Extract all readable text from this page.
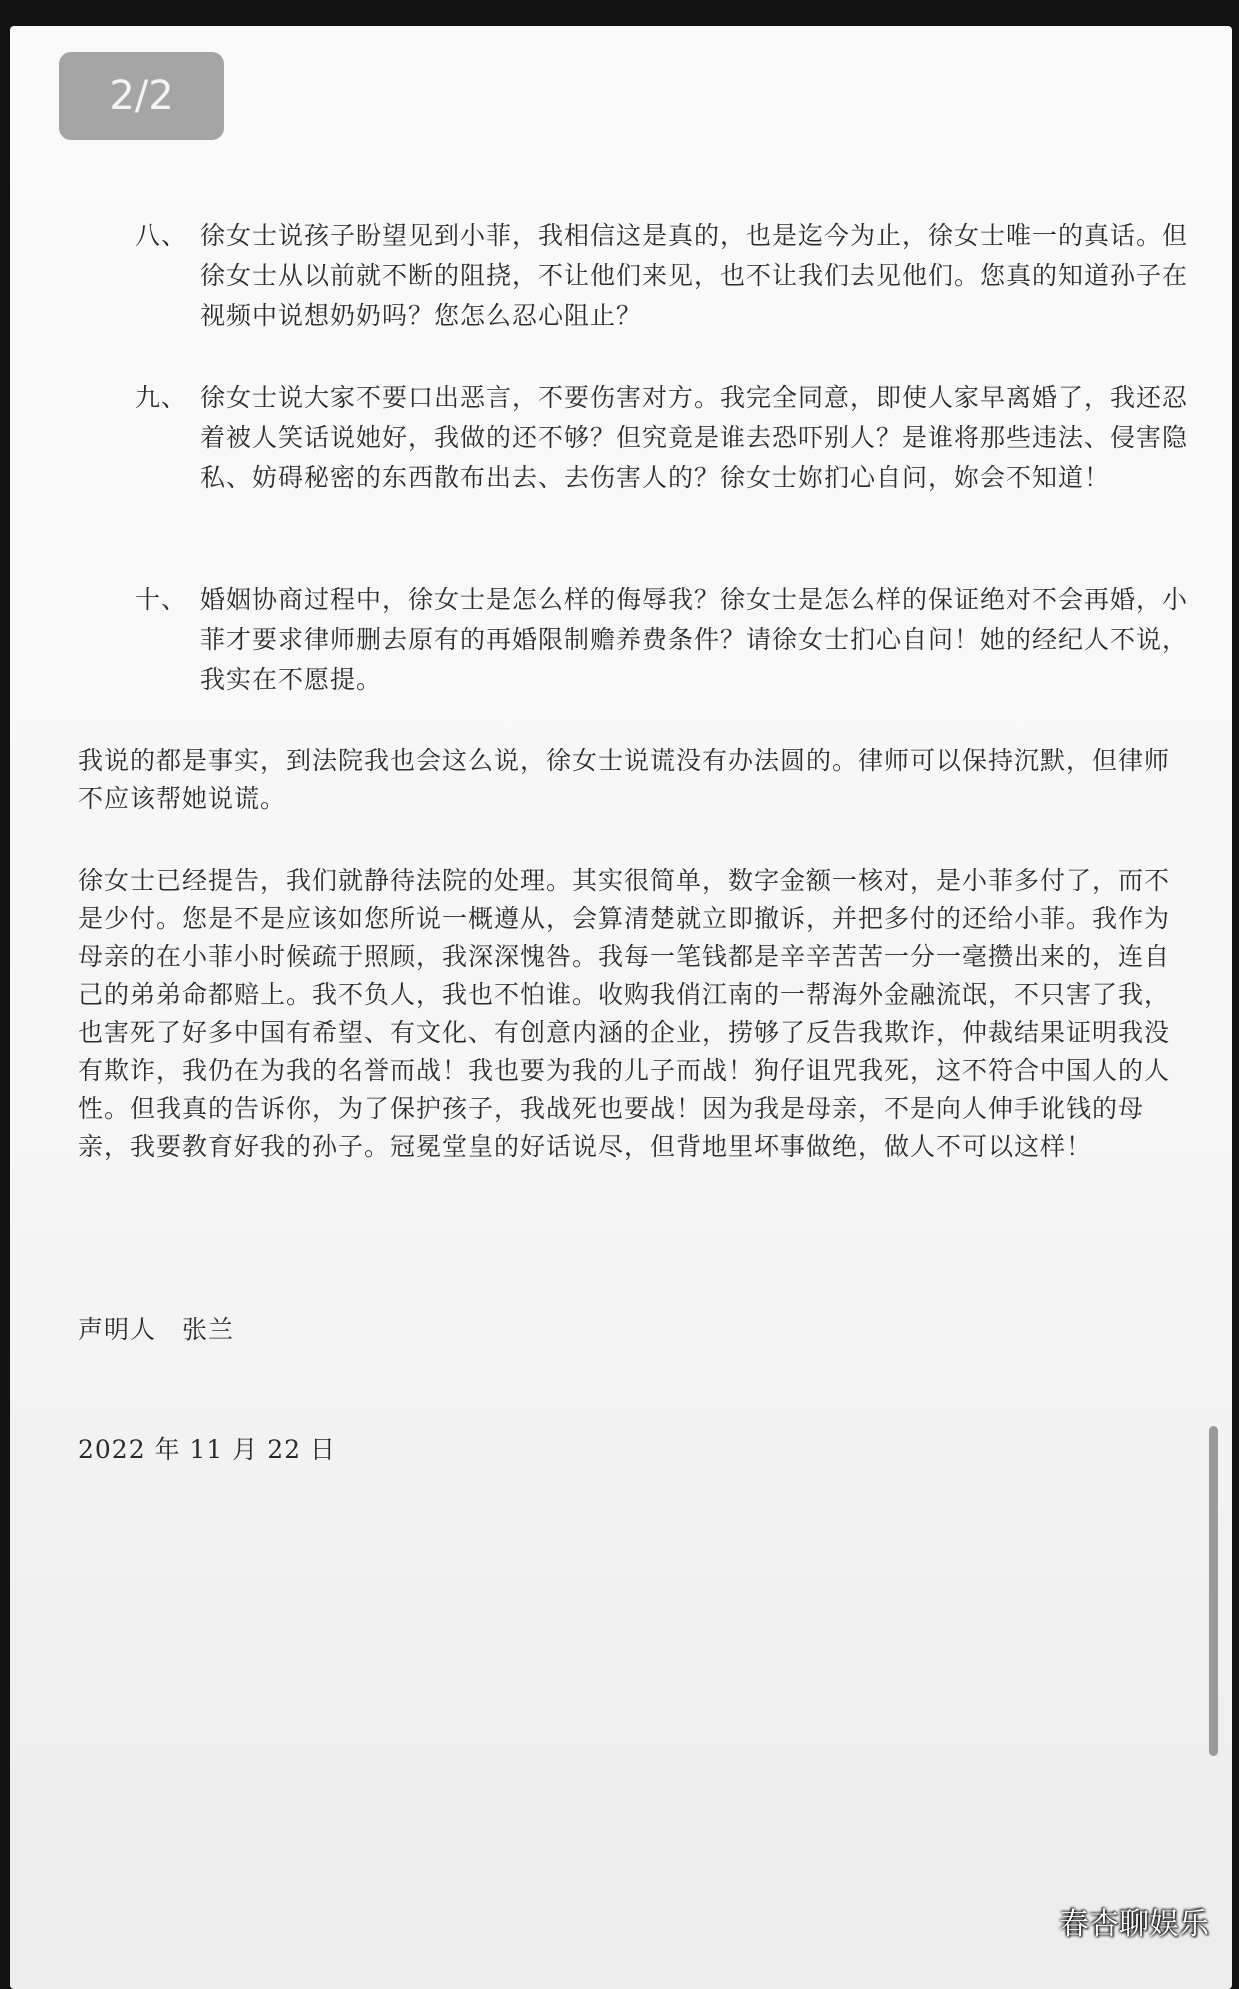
2/2
八、 徐女士说孩子盼望见到小菲，我相信这是真的，也是迄今为止，徐女士唯一的真话。但徐女士从以前就不断的阻挠，不让他们来见，也不让我们去见他们。您真的知道孙子在视频中说想奶奶吗？您怎么忍心阻止？
九、 徐女士说大家不要口出恶言，不要伤害对方。我完全同意，即使人家早离婚了，我还忍着被人笑话说她好，我做的还不够？但究竟是谁去恐吓别人？是谁将那些违法、侵害隐私、妨碍秘密的东西散布出去、去伤害人的？徐女士妳扪心自问，妳会不知道！
十、 婚姻协商过程中，徐女士是怎么样的侮辱我？徐女士是怎么样的保证绝对不会再婚，小菲才要求律师删去原有的再婚限制赡养费条件？请徐女士扪心自问！她的经纪人不说，我实在不愿提。
我说的都是事实，到法院我也会这么说，徐女士说谎没有办法圆的。律师可以保持沉默，但律师不应该帮她说谎。
徐女士已经提告，我们就静待法院的处理。其实很简单，数字金额一核对，是小菲多付了，而不是少付。您是不是应该如您所说一概遵从，会算清楚就立即撤诉，并把多付的还给小菲。我作为母亲的在小菲小时候疏于照顾，我深深愧咎。我每一笔钱都是辛辛苦苦一分一毫攒出来的，连自己的弟弟命都赔上。我不负人，我也不怕谁。收购我俏江南的一帮海外金融流氓，不只害了我，也害死了好多中国有希望、有文化、有创意内涵的企业，捞够了反告我欺诈，仲裁结果证明我没有欺诈，我仍在为我的名誉而战！我也要为我的儿子而战！狗仔诅咒我死，这不符合中国人的人性。但我真的告诉你，为了保护孩子，我战死也要战！因为我是母亲，不是向人伸手讹钱的母亲，我要教育好我的孙子。冠冕堂皇的好话说尽，但背地里坏事做绝，做人不可以这样！
声明人　张兰
2022 年 11 月 22 日
春杏聊娱乐
